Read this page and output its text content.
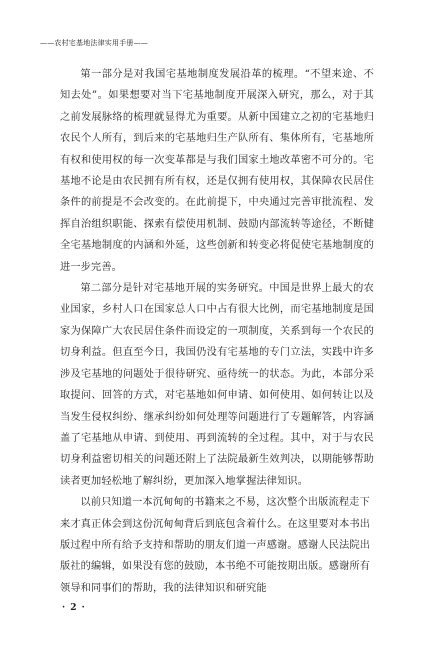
——农村宅基地法律实用手册——

第一部分是对我国宅基地制度发展沿革的梳理。“不望来途、不知去处”。如果想要对当下宅基地制度开展深入研究，那么，对于其之前发展脉络的梳理就显得尤为重要。从新中国建立之初的宅基地归农民个人所有，到后来的宅基地归生产队所有、集体所有，宅基地所有权和使用权的每一次变革都是与我们国家土地改革密不可分的。宅基地不论是由农民拥有所有权，还是仅拥有使用权，其保障农民居住条件的前提是不会改变的。在此前提下，中央通过完善审批流程、发挥自治组织职能、探索有偿使用机制、鼓励内部流转等途径，不断健全宅基地制度的内涵和外延，这些创新和转变必将促使宅基地制度的进一步完善。

第二部分是针对宅基地开展的实务研究。中国是世界上最大的农业国家，乡村人口在国家总人口中占有很大比例，而宅基地制度是国家为保障广大农民居住条件而设定的一项制度，关系到每一个农民的切身利益。但直至今日，我国仍没有宅基地的专门立法，实践中许多涉及宅基地的问题处于很待研究、亟待统一的状态。为此，本部分采取提问、回答的方式，对宅基地如何申请、如何使用、如何转让以及当发生侵权纠纷、继承纠纷如何处理等问题进行了专题解答，内容涵盖了宅基地从申请、到使用、再到流转的全过程。其中，对于与农民切身利益密切相关的问题还附上了法院最新生效判决，以期能够帮助读者更加轻松地了解纠纷，更加深入地掌握法律知识。

以前只知道一本沉甸甸的书籍来之不易，这次整个出版流程走下来才真正体会到这份沉甸甸背后到底包含着什么。在这里要对本书出版过程中所有给予支持和帮助的朋友们道一声感谢。感谢人民法院出版社的编辑，如果没有您的鼓励，本书绝不可能按期出版。感谢所有领导和同事们的帮助，我的法律知识和研究能

· 2 ·
